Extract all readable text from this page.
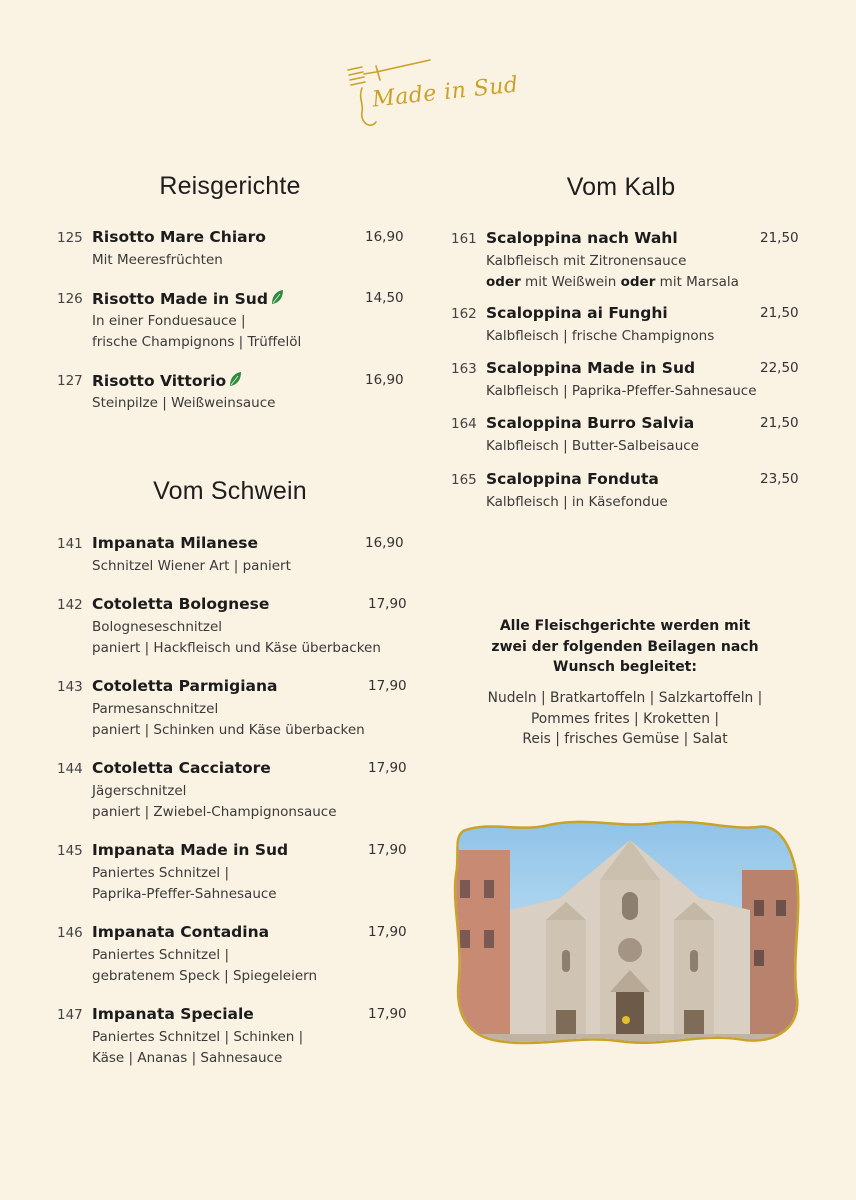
Made in Sud
Reisgerichte
Vom Schwein
Vom Kalb
125 Risotto Mare Chiaro	16,90
Mit Meeresfrüchten
126 Risotto Made in Sud	14,50
In einer Fonduesauce |
frische Champignons | Trüffelöl
127 Risotto Vittorio	16,90
Steinpilze | Weißweinsauce
141 Impanata Milanese	16,90
Schnitzel Wiener Art | paniert
142 Cotoletta Bolognese	17,90
Bologneseschnitzel
paniert | Hackfleisch und Käse überbacken
143 Cotoletta Parmigiana	17,90
Parmesanschnitzel
paniert | Schinken und Käse überbacken
144 Cotoletta Cacciatore	17,90
Jägerschnitzel
paniert | Zwiebel-Champignonsauce
145 Impanata Made in Sud	17,90
Paniertes Schnitzel |
Paprika-Pfeffer-Sahnesauce
146 Impanata Contadina	17,90
Paniertes Schnitzel |
gebratenem Speck | Spiegeleiern
147 Impanata Speciale	17,90
Paniertes Schnitzel | Schinken |
Käse | Ananas | Sahnesauce
161 Scaloppina nach Wahl	21,50
Kalbfleisch mit Zitronensauce
oder mit Weißwein oder mit Marsala
162 Scaloppina ai Funghi	21,50
Kalbfleisch | frische Champignons
163 Scaloppina Made in Sud	22,50
Kalbfleisch | Paprika-Pfeffer-Sahnesauce
164 Scaloppina Burro Salvia	21,50
Kalbfleisch | Butter-Salbeisauce
165 Scaloppina Fonduta	23,50
Kalbfleisch | in Käsefondue
Alle Fleischgerichte werden mit
zwei der folgenden Beilagen nach
Wunsch begleitet:
Nudeln | Bratkartoffeln | Salzkartoffeln |
Pommes frites | Kroketten |
Reis | frisches Gemüse | Salat
